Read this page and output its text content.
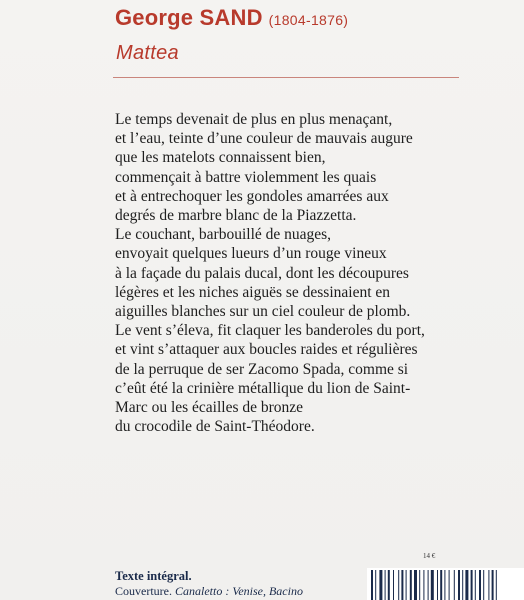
George SAND (1804-1876)
Mattea
Le temps devenait de plus en plus menaçant,
et l’eau, teinte d’une couleur de mauvais augure
que les matelots connaissent bien,
commençait à battre violemment les quais
et à entrechoquer les gondoles amarrées aux
degrés de marbre blanc de la Piazzetta.
Le couchant, barbouillé de nuages,
envoyait quelques lueurs d’un rouge vineux
à la façade du palais ducal, dont les découpures
légères et les niches aiguës se dessinaient en
aiguilles blanches sur un ciel couleur de plomb.
Le vent s’éleva, fit claquer les banderoles du port,
et vint s’attaquer aux boucles raides et régulières
de la perruque de ser Zacomo Spada, comme si
c’eût été la crinière métallique du lion de Saint-
Marc ou les écailles de bronze
du crocodile de Saint-Théodore.
14 €
Texte intégral.
Couverture. Canaletto : Venise, Bacino
